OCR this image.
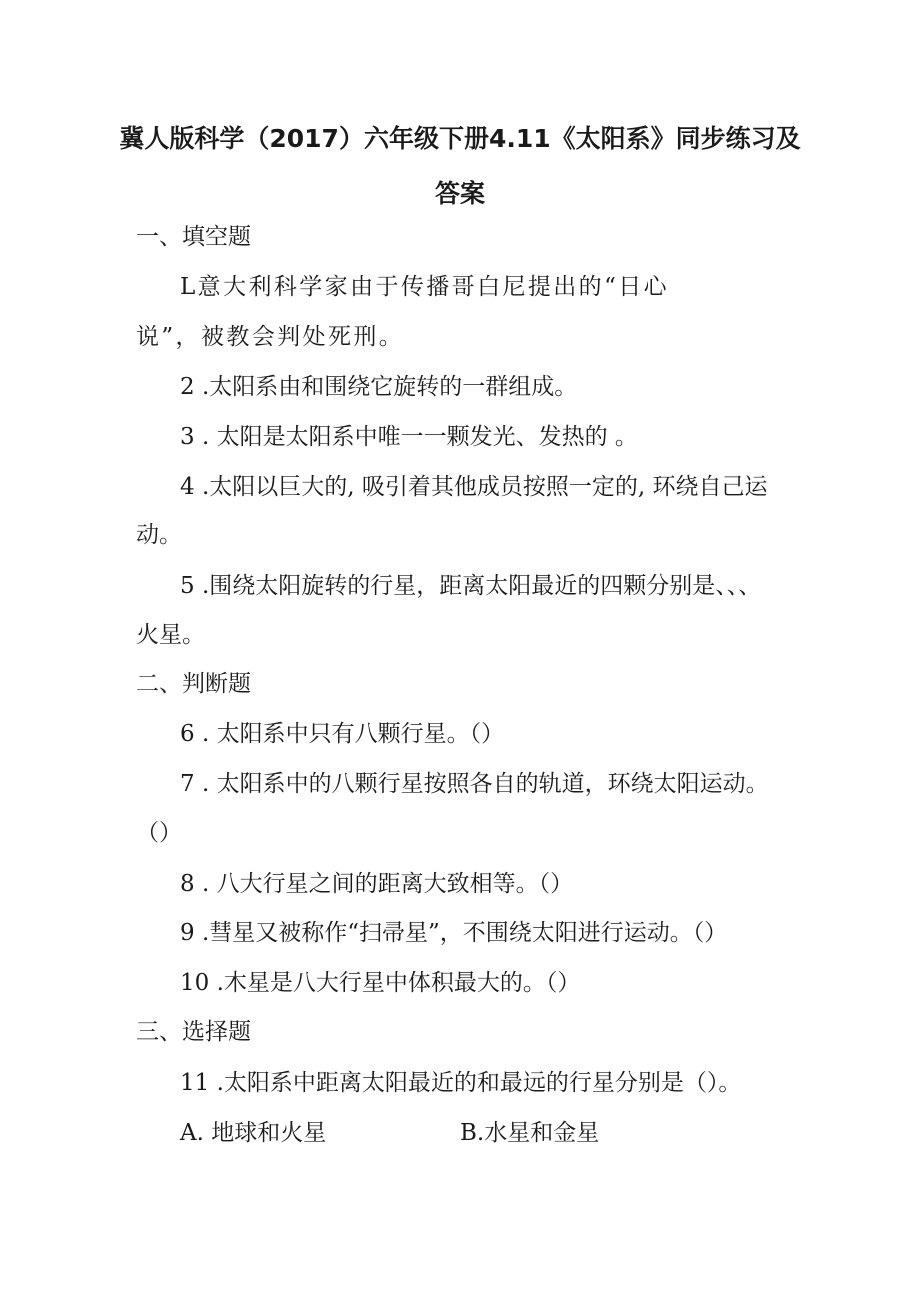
冀人版科学（2017）六年级下册4.11《太阳系》同步练习及
答案
一、填空题
L意大利科学家由于传播哥白尼提出的“日心
说”，被教会判处死刑。
2 .太阳系由和围绕它旋转的一群组成。
3 . 太阳是太阳系中唯一一颗发光、发热的 。
4 .太阳以巨大的, 吸引着其他成员按照一定的, 环绕自己运
动。
5 .围绕太阳旋转的行星，距离太阳最近的四颗分别是、、、
火星。
二、判断题
6 . 太阳系中只有八颗行星。（）
7 . 太阳系中的八颗行星按照各自的轨道，环绕太阳运动。
（）
8 . 八大行星之间的距离大致相等。（）
9 .彗星又被称作“扫帚星”，不围绕太阳进行运动。（）
10 .木星是八大行星中体积最大的。（）
三、选择题
11 .太阳系中距离太阳最近的和最远的行星分别是（）。
A. 地球和火星	B.水星和金星
